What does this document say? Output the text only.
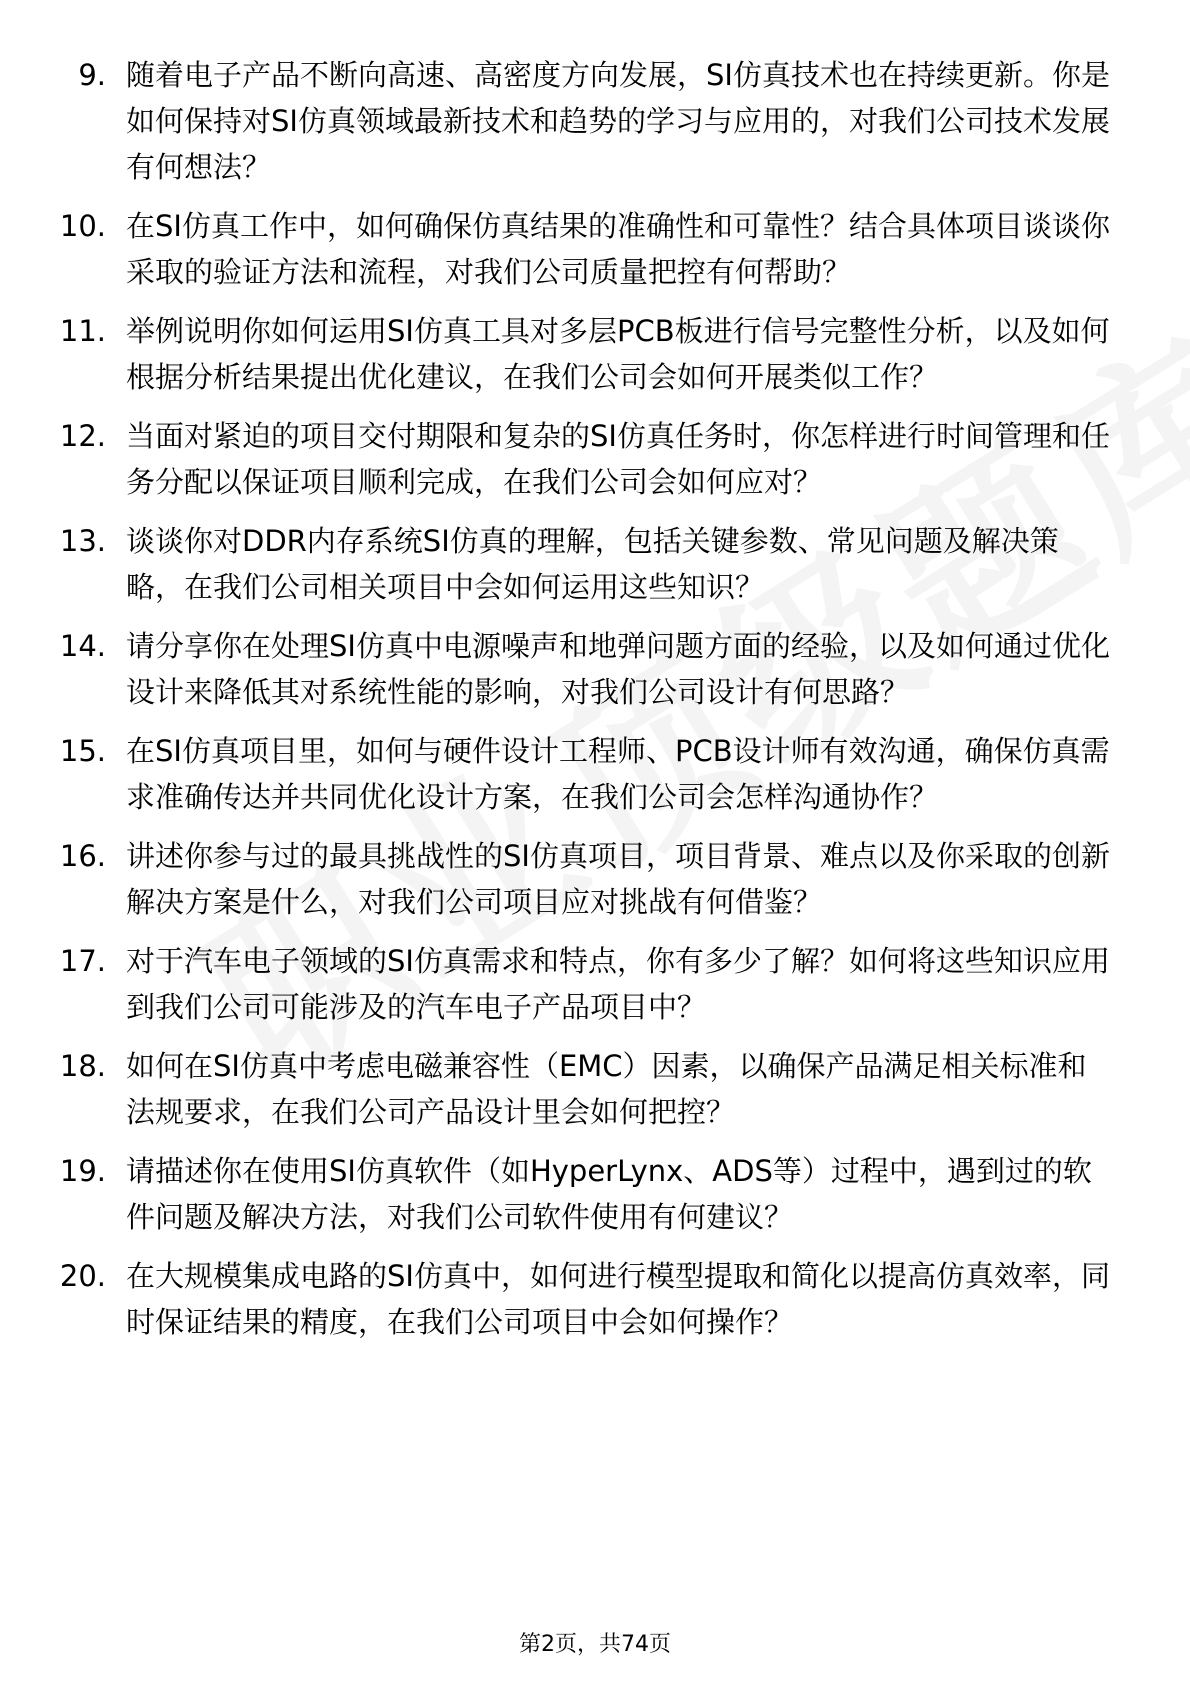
9. 随着电子产品不断向高速、高密度方向发展，SI仿真技术也在持续更新。你是如何保持对SI仿真领域最新技术和趋势的学习与应用的，对我们公司技术发展有何想法？
10. 在SI仿真工作中，如何确保仿真结果的准确性和可靠性？结合具体项目谈谈你采取的验证方法和流程，对我们公司质量把控有何帮助？
11. 举例说明你如何运用SI仿真工具对多层PCB板进行信号完整性分析，以及如何根据分析结果提出优化建议，在我们公司会如何开展类似工作？
12. 当面对紧迫的项目交付期限和复杂的SI仿真任务时，你怎样进行时间管理和任务分配以保证项目顺利完成，在我们公司会如何应对？
13. 谈谈你对DDR内存系统SI仿真的理解，包括关键参数、常见问题及解决策略，在我们公司相关项目中会如何运用这些知识？
14. 请分享你在处理SI仿真中电源噪声和地弹问题方面的经验，以及如何通过优化设计来降低其对系统性能的影响，对我们公司设计有何思路？
15. 在SI仿真项目里，如何与硬件设计工程师、PCB设计师有效沟通，确保仿真需求准确传达并共同优化设计方案，在我们公司会怎样沟通协作？
16. 讲述你参与过的最具挑战性的SI仿真项目，项目背景、难点以及你采取的创新解决方案是什么，对我们公司项目应对挑战有何借鉴？
17. 对于汽车电子领域的SI仿真需求和特点，你有多少了解？如何将这些知识应用到我们公司可能涉及的汽车电子产品项目中？
18. 如何在SI仿真中考虑电磁兼容性（EMC）因素，以确保产品满足相关标准和法规要求，在我们公司产品设计里会如何把控？
19. 请描述你在使用SI仿真软件（如HyperLynx、ADS等）过程中，遇到过的软件问题及解决方法，对我们公司软件使用有何建议？
20. 在大规模集成电路的SI仿真中，如何进行模型提取和简化以提高仿真效率，同时保证结果的精度，在我们公司项目中会如何操作？
第2页，共74页
